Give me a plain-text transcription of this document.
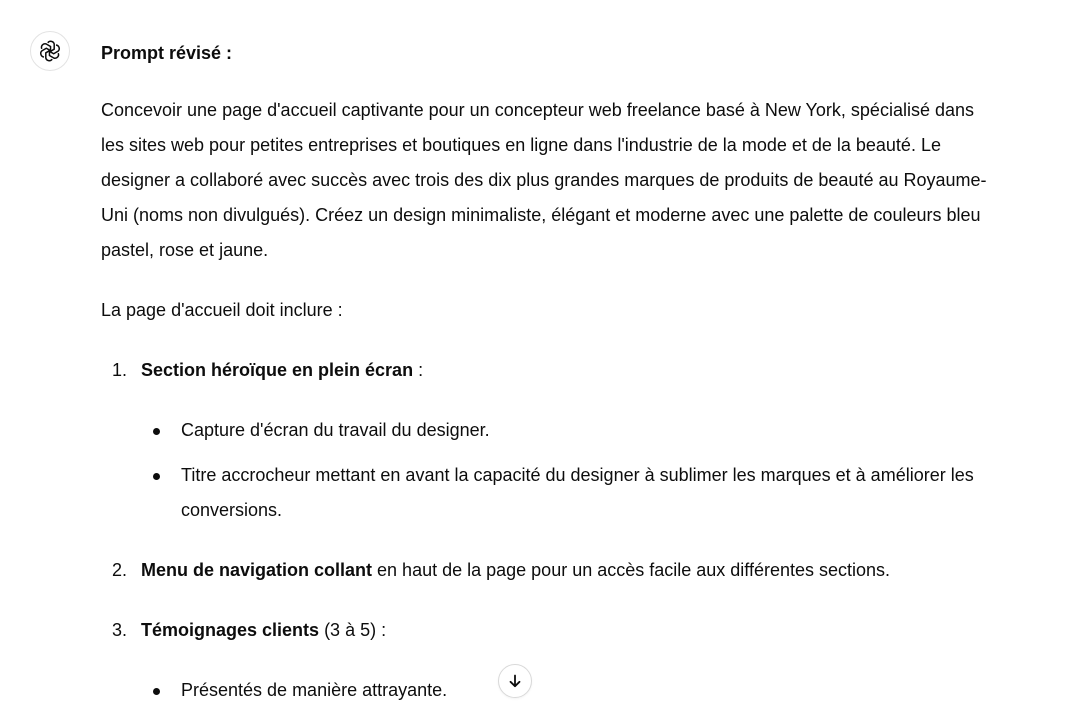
Prompt révisé :

Concevoir une page d'accueil captivante pour un concepteur web freelance basé à New York, spécialisé dans les sites web pour petites entreprises et boutiques en ligne dans l'industrie de la mode et de la beauté. Le designer a collaboré avec succès avec trois des dix plus grandes marques de produits de beauté au Royaume-Uni (noms non divulgués). Créez un design minimaliste, élégant et moderne avec une palette de couleurs bleu pastel, rose et jaune.

La page d'accueil doit inclure :

1. Section héroïque en plein écran :
Capture d'écran du travail du designer.
Titre accrocheur mettant en avant la capacité du designer à sublimer les marques et à améliorer les conversions.
2. Menu de navigation collant en haut de la page pour un accès facile aux différentes sections.
3. Témoignages clients (3 à 5) :
Présentés de manière attrayante.
